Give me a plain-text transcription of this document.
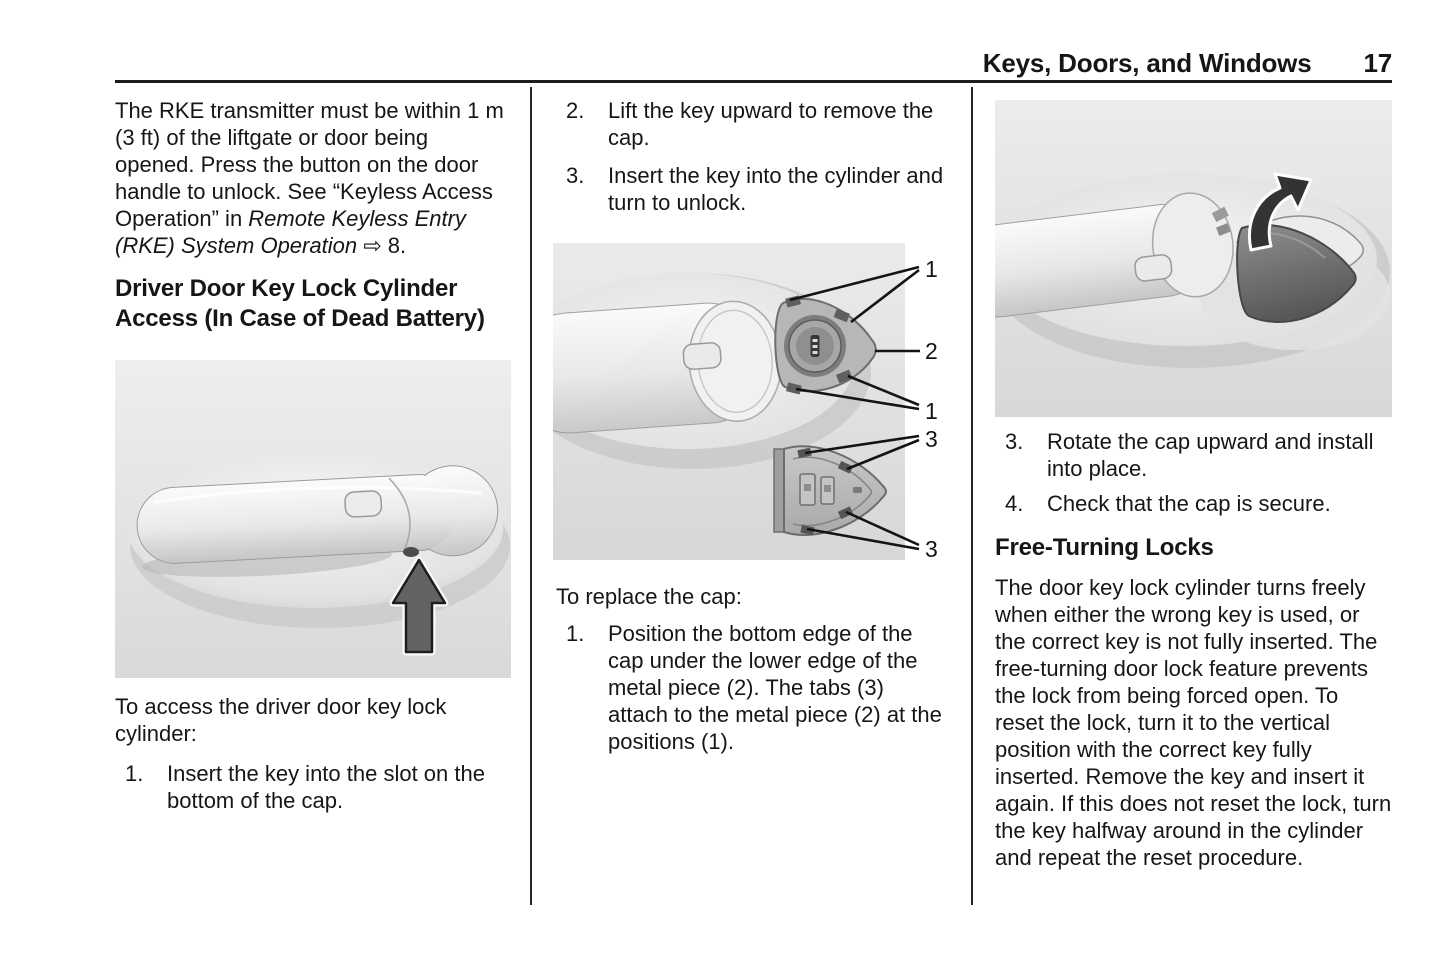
Keys, Doors, and Windows 17

The RKE transmitter must be within 1 m (3 ft) of the liftgate or door being opened. Press the button on the door handle to unlock. See “Keyless Access Operation” in Remote Keyless Entry (RKE) System Operation ⇨ 8.

Driver Door Key Lock Cylinder Access (In Case of Dead Battery)

To access the driver door key lock cylinder:

1.	Insert the key into the slot on the bottom of the cap.
2.	Lift the key upward to remove the cap.
3.	Insert the key into the cylinder and turn to unlock.
1
2
1
3
3

To replace the cap:

1.	Position the bottom edge of the cap under the lower edge of the metal piece (2). The tabs (3) attach to the metal piece (2) at the positions (1).
3.	Rotate the cap upward and install into place.
4.	Check that the cap is secure.
Free-Turning Locks

The door key lock cylinder turns freely when either the wrong key is used, or the correct key is not fully inserted. The free-turning door lock feature prevents the lock from being forced open. To reset the lock, turn it to the vertical position with the correct key fully inserted. Remove the key and insert it again. If this does not reset the lock, turn the key halfway around in the cylinder and repeat the reset procedure.
